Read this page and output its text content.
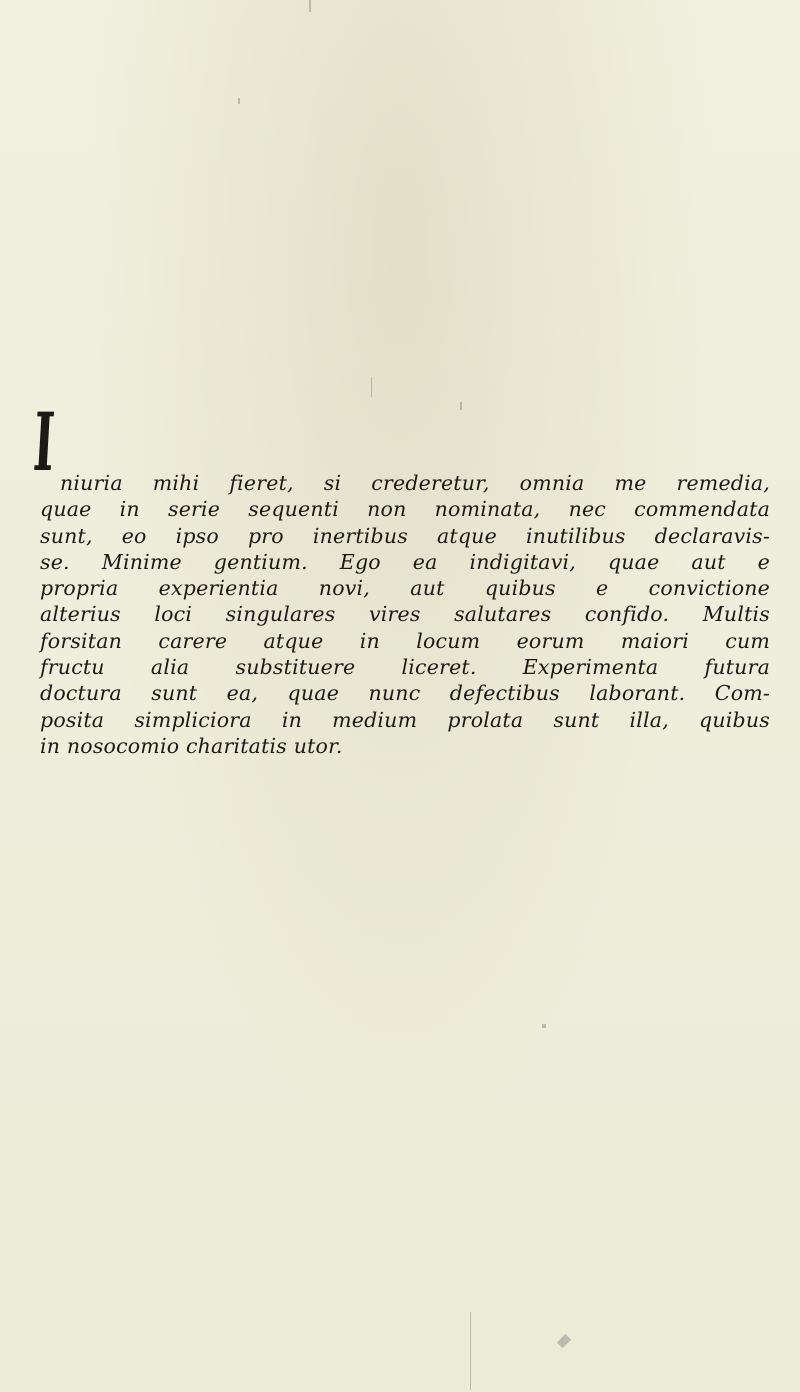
I niuria mihi fieret, si crederetur, omnia me remedia,
quae in serie sequenti non nominata, nec commendata
sunt, eo ipso pro inertibus atque inutilibus declaravis-
se. Minime gentium. Ego ea indigitavi, quae aut e
propria experientia novi, aut quibus e convictione
alterius loci singulares vires salutares confido. Multis
forsitan carere atque in locum eorum maiori cum
fructu alia substituere liceret. Experimenta futura
doctura sunt ea, quae nunc defectibus laborant. Com-
posita simpliciora in medium prolata sunt illa, quibus
in nosocomio charitatis utor.
